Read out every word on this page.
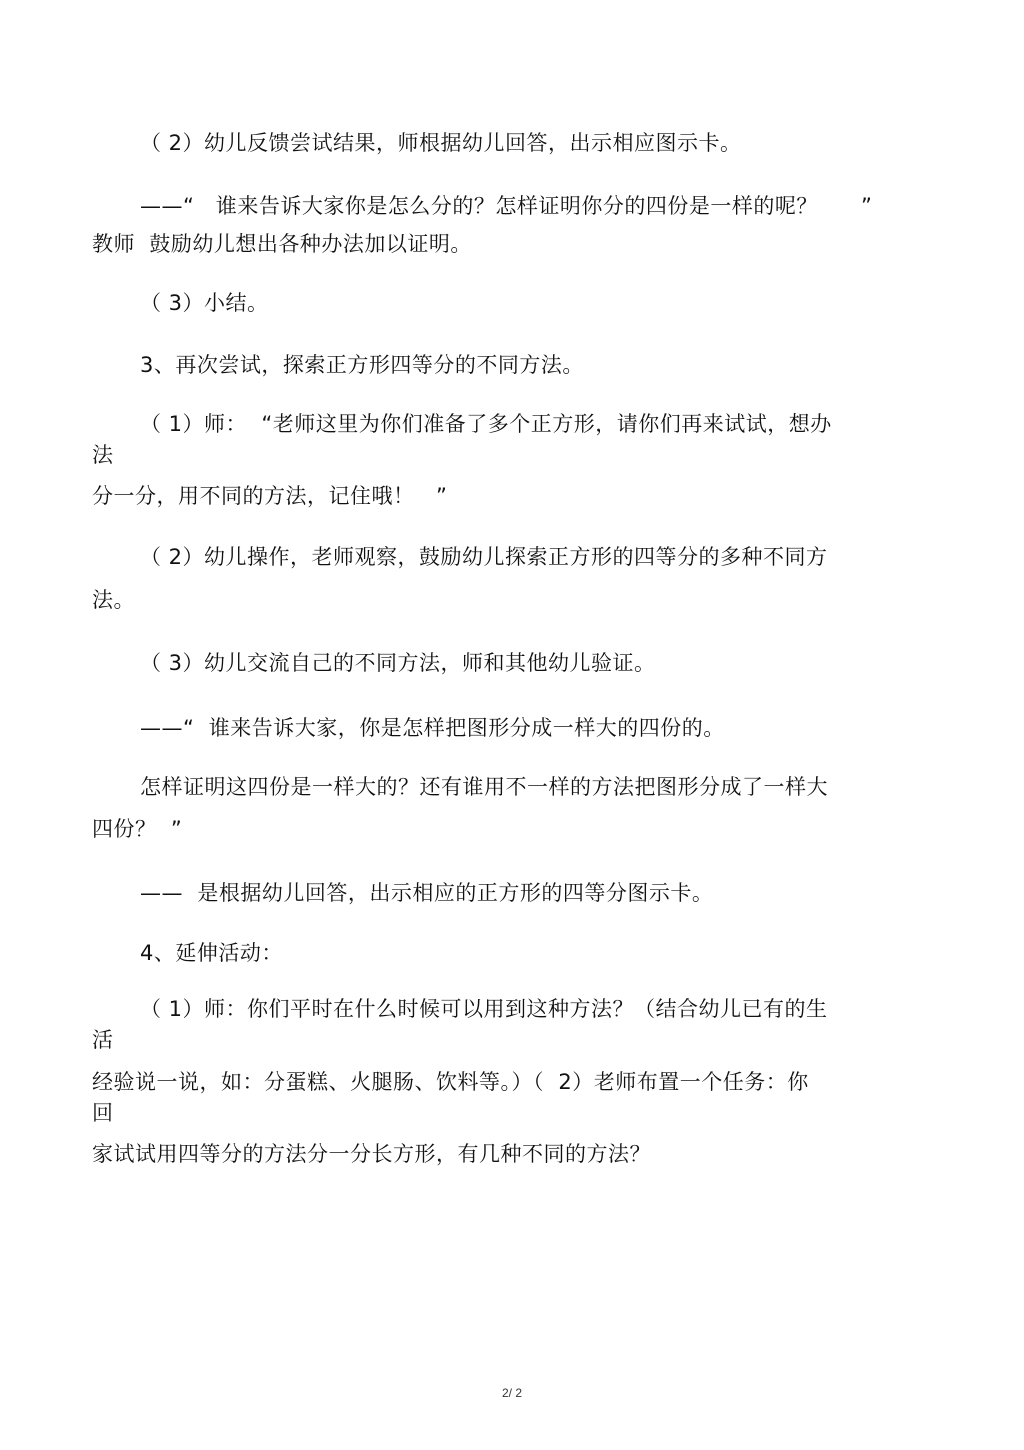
（ 2）幼儿反馈尝试结果，师根据幼儿回答，出示相应图示卡。
——“   谁来告诉大家你是怎么分的？怎样证明你分的四份是一样的呢？      ”
教师  鼓励幼儿想出各种办法加以证明。
（ 3）小结。
3、再次尝试，探索正方形四等分的不同方法。
（ 1）师：  “老师这里为你们准备了多个正方形，请你们再来试试，想办
法
分一分，用不同的方法，记住哦！   ”
（ 2）幼儿操作，老师观察，鼓励幼儿探索正方形的四等分的多种不同方
法。
（ 3）幼儿交流自己的不同方法，师和其他幼儿验证。
——“  谁来告诉大家，你是怎样把图形分成一样大的四份的。
怎样证明这四份是一样大的？还有谁用不一样的方法把图形分成了一样大
四份？  ”
——  是根据幼儿回答，出示相应的正方形的四等分图示卡。
4、延伸活动：
（ 1）师：你们平时在什么时候可以用到这种方法？（结合幼儿已有的生
活
经验说一说，如：分蛋糕、火腿肠、饮料等。）（  2）老师布置一个任务：你
回
家试试用四等分的方法分一分长方形，有几种不同的方法？
2/ 2
